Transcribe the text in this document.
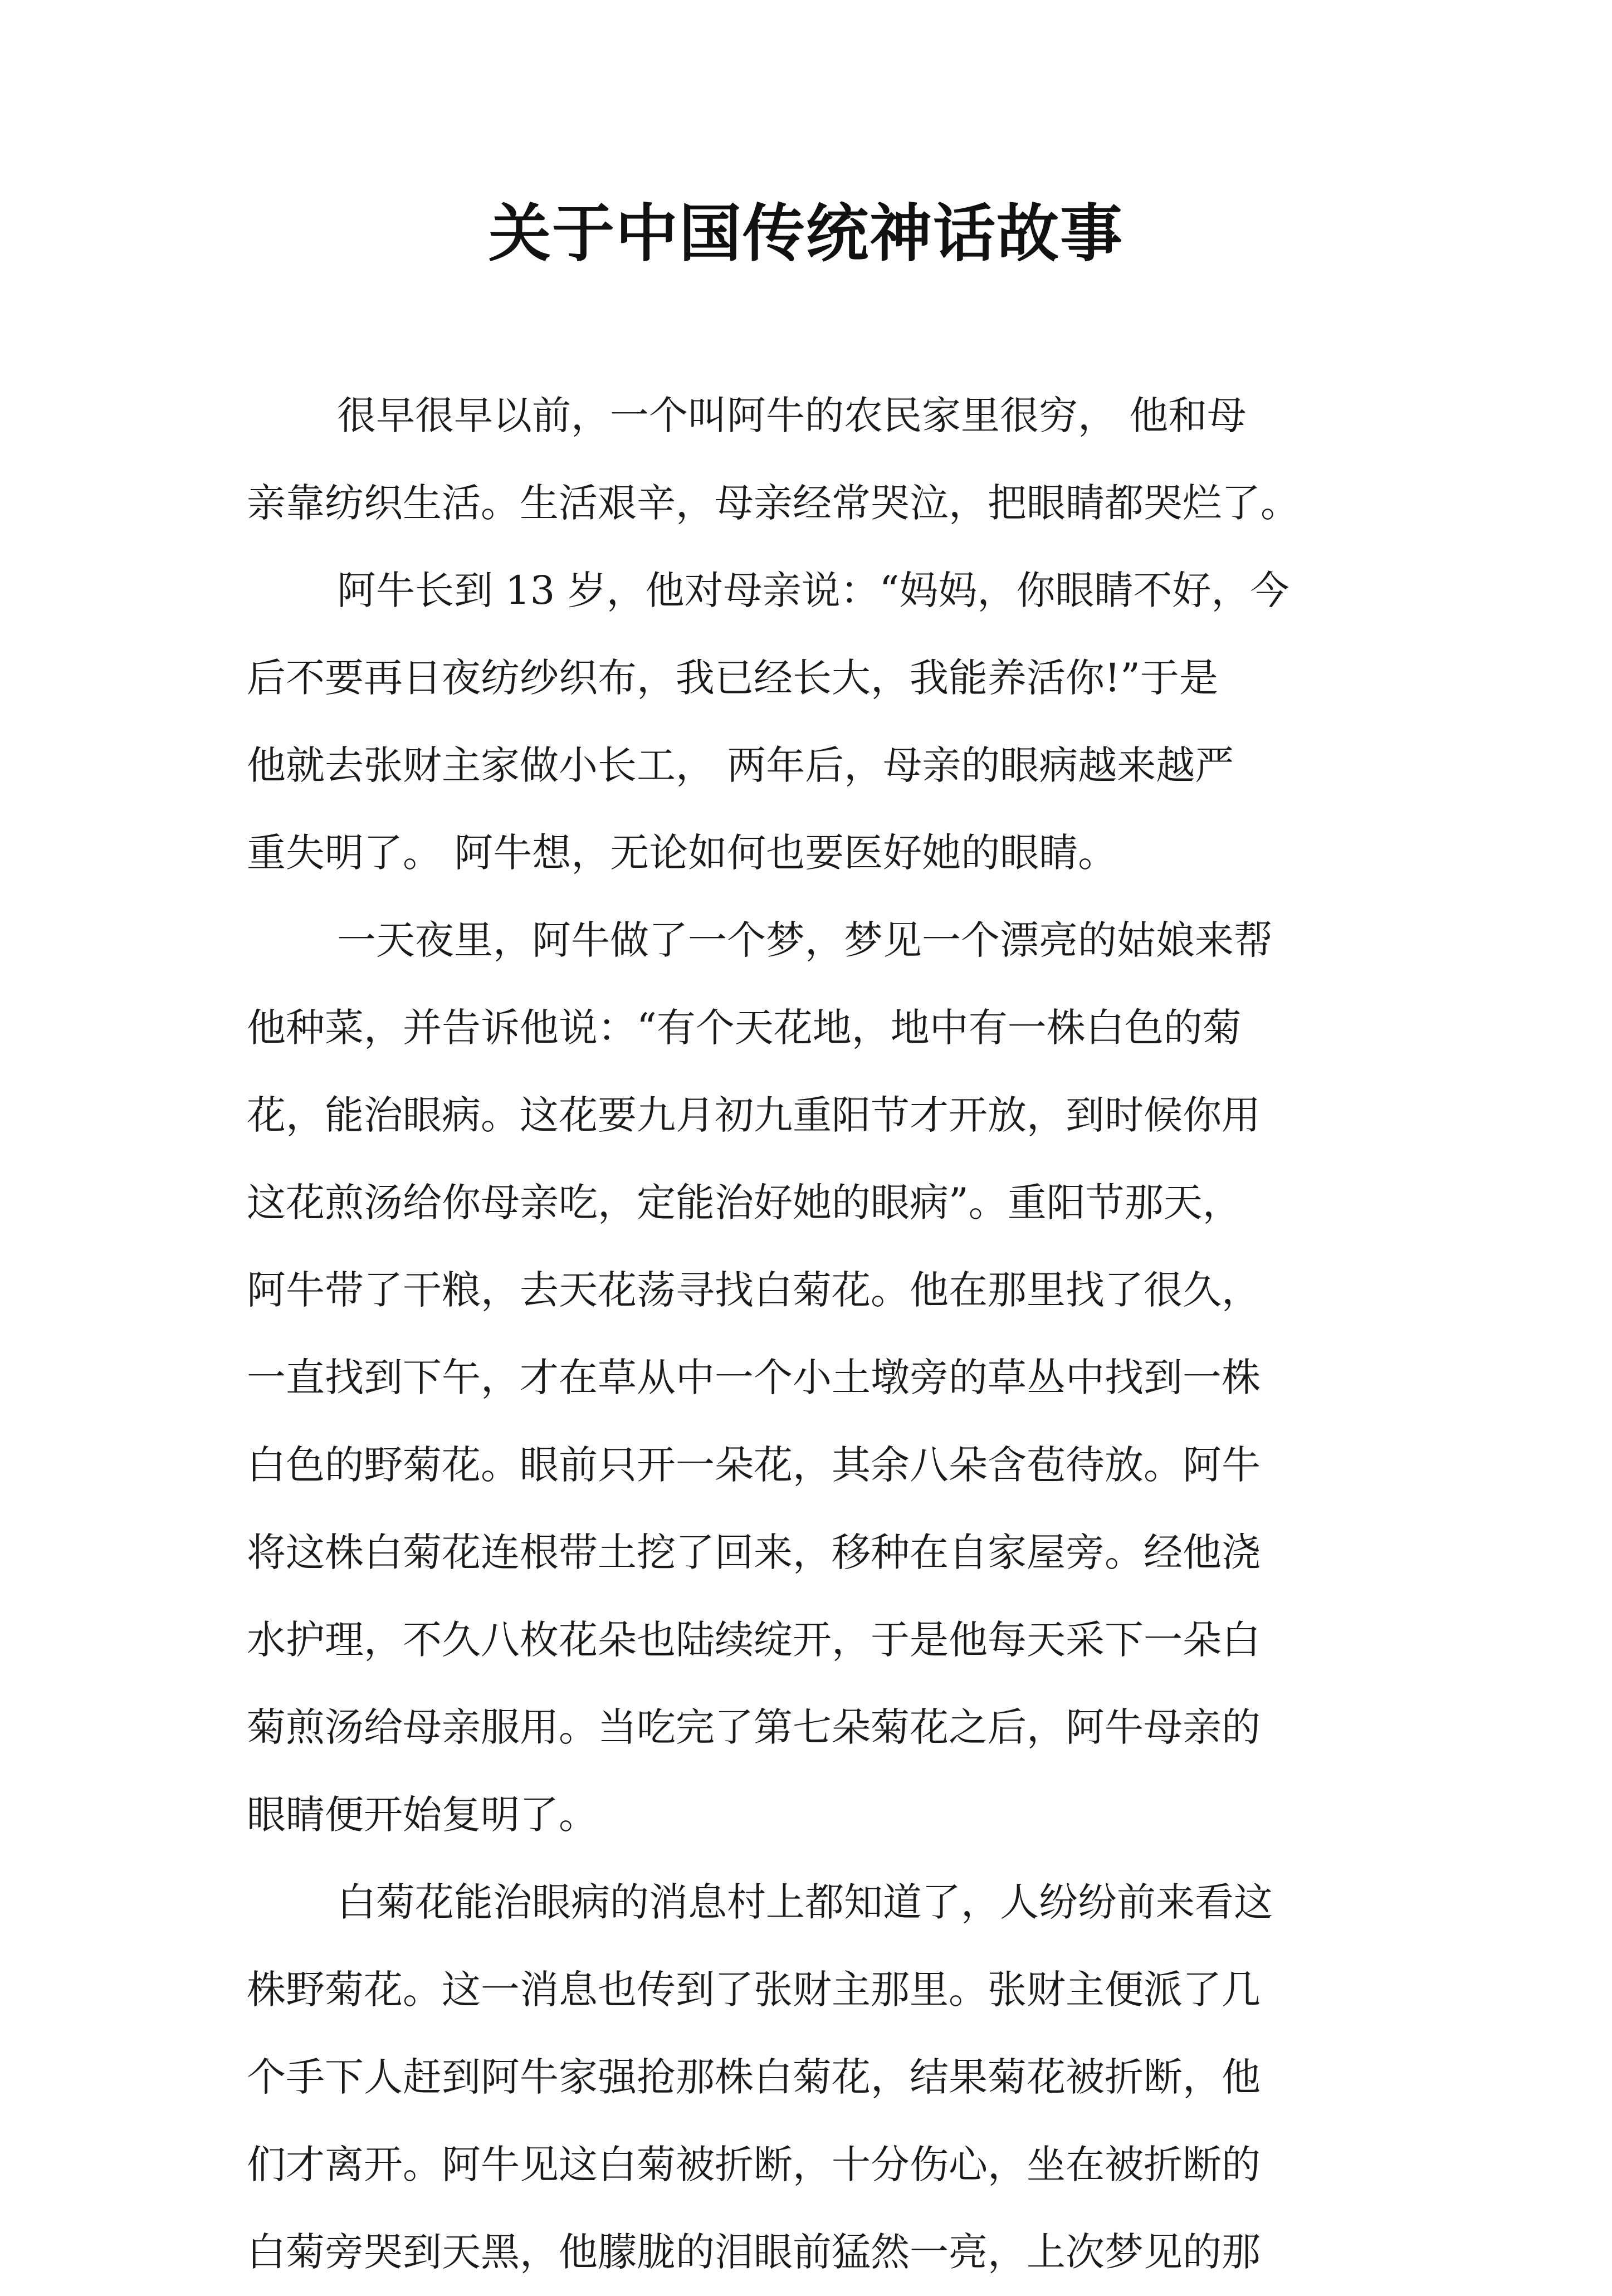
关于中国传统神话故事
很早很早以前，一个叫阿牛的农民家里很穷， 他和母
亲靠纺织生活。生活艰辛，母亲经常哭泣，把眼睛都哭烂了。
阿牛长到 13 岁，他对母亲说：“妈妈，你眼睛不好，今
后不要再日夜纺纱织布，我已经长大，我能养活你!”于是
他就去张财主家做小长工， 两年后，母亲的眼病越来越严
重失明了。 阿牛想，无论如何也要医好她的眼睛。
一天夜里，阿牛做了一个梦，梦见一个漂亮的姑娘来帮
他种菜，并告诉他说：“有个天花地，地中有一株白色的菊
花，能治眼病。这花要九月初九重阳节才开放，到时候你用
这花煎汤给你母亲吃，定能治好她的眼病”。重阳节那天，
阿牛带了干粮，去天花荡寻找白菊花。他在那里找了很久，
一直找到下午，才在草从中一个小土墩旁的草丛中找到一株
白色的野菊花。眼前只开一朵花，其余八朵含苞待放。阿牛
将这株白菊花连根带土挖了回来，移种在自家屋旁。经他浇
水护理，不久八枚花朵也陆续绽开，于是他每天采下一朵白
菊煎汤给母亲服用。当吃完了第七朵菊花之后，阿牛母亲的
眼睛便开始复明了。
白菊花能治眼病的消息村上都知道了，人纷纷前来看这
株野菊花。这一消息也传到了张财主那里。张财主便派了几
个手下人赶到阿牛家强抢那株白菊花，结果菊花被折断，他
们才离开。阿牛见这白菊被折断，十分伤心，坐在被折断的
白菊旁哭到天黑，他朦胧的泪眼前猛然一亮，上次梦见的那
